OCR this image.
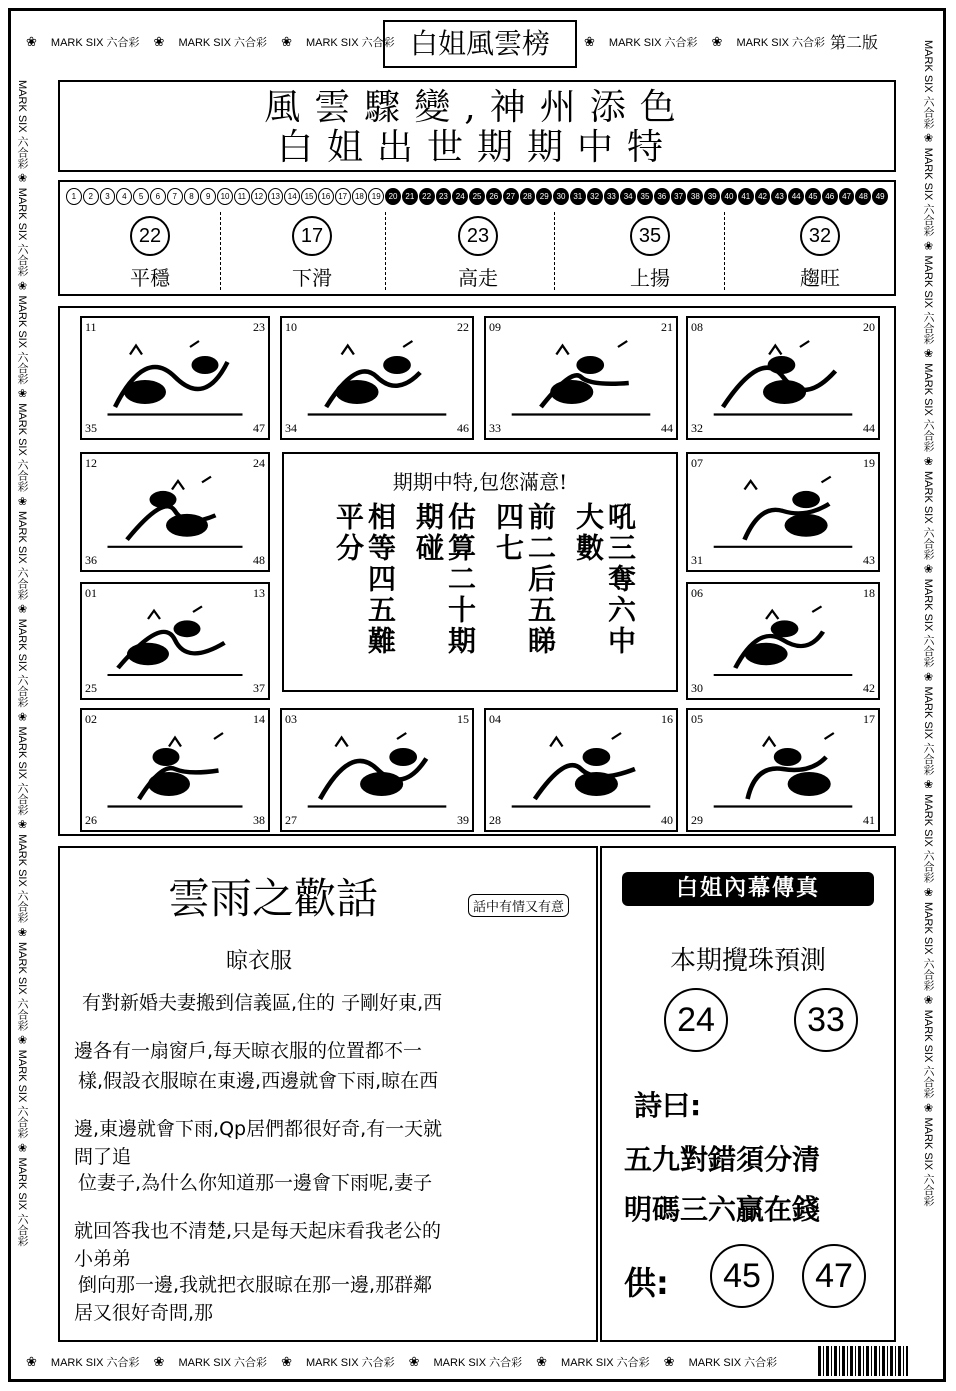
❀ MARK SIX 六合彩 ❀ MARK SIX 六合彩 ❀ MARK SIX 六合彩	❀ MARK SIX 六合彩 ❀ MARK SIX 六合彩
白姐風雲榜	第二版
MARK SIX 六合彩 ❀ MARK SIX 六合彩 ❀ MARK SIX 六合彩 ❀ MARK SIX 六合彩 ❀ MARK SIX 六合彩 ❀ MARK SIX 六合彩 ❀ MARK SIX 六合彩 ❀ MARK SIX 六合彩 ❀ MARK SIX 六合彩 ❀ MARK SIX 六合彩 ❀ MARK SIX 六合彩
MARK SIX 六合彩 ❀ MARK SIX 六合彩 ❀ MARK SIX 六合彩 ❀ MARK SIX 六合彩 ❀ MARK SIX 六合彩 ❀ MARK SIX 六合彩 ❀ MARK SIX 六合彩 ❀ MARK SIX 六合彩 ❀ MARK SIX 六合彩 ❀ MARK SIX 六合彩 ❀ MARK SIX 六合彩
風雲驟變,神州添色
白姐出世期期中特
1	2	3	4	5	6	7	8	9	10	11	12 13 14 15 16 17 18 19 20 21 22 23 24 25 26 27 28 29 30 31 32 33 34 35 36 37 38 39 40 41 42 43 44 45 46 47 48 49
22
平穩
17
下滑
23
高走
35
上揚
32
趨旺
11	23
35	47
10	22
34	46
09	21
33	44
08	20
32	44
12	24
36	48
07	19
31	43
01	13
25	37
06	18
30	42
02	14
26	38
03	15
27	39
04	16
28	40
05	17
29	41
期期中特,包您滿意!
相等四五難平分	估算二十期期碰	前二后五睇四七	吼三奪六中大數
雲雨之歡話	話中有情又有意
晾衣服

有對新婚夫妻搬到信義區,住的 子剛好東,西

邊各有一扇窗戶,每天晾衣服的位置都不一

樣,假設衣服晾在東邊,西邊就會下雨,晾在西

邊,東邊就會下雨,Qp居們都很好奇,有一天就

問了追

位妻子,為什么你知道那一邊會下雨呢,妻子

就回答我也不清楚,只是每天起床看我老公的

小弟弟

倒向那一邊,我就把衣服晾在那一邊,那群鄰

居又很好奇問,那

白姐內幕傳真
本期攪珠預測
24	33
詩曰:
五九對錯須分清
明碼三六贏在錢
供:	45	47
❀ MARK SIX 六合彩 ❀ MARK SIX 六合彩 ❀ MARK SIX 六合彩 ❀ MARK SIX 六合彩 ❀ MARK SIX 六合彩 ❀ MARK SIX 六合彩
